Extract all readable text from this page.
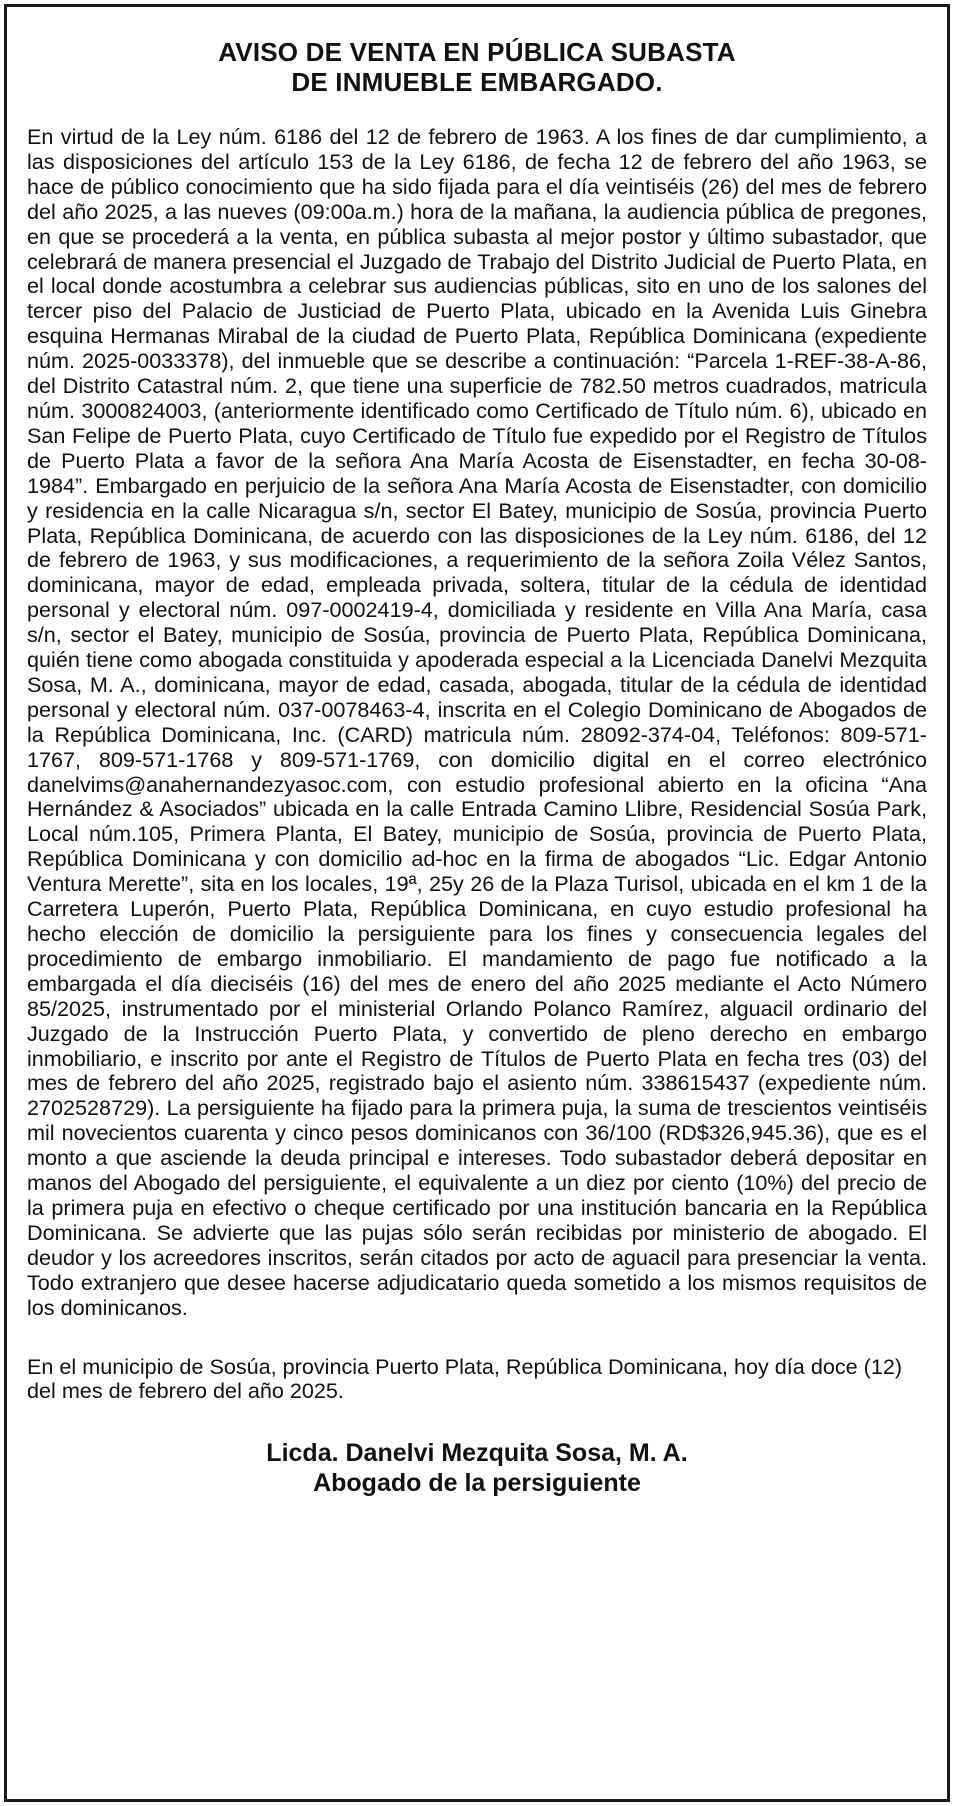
AVISO DE VENTA EN PÚBLICA SUBASTA
DE INMUEBLE EMBARGADO.

En virtud de la Ley núm. 6186 del 12 de febrero de 1963. A los fines de dar cumplimiento, a las disposiciones del artículo 153 de la Ley 6186, de fecha 12 de febrero del año 1963, se hace de público conocimiento que ha sido fijada para el día veintiséis (26) del mes de febrero del año 2025, a las nueves (09:00a.m.) hora de la mañana, la audiencia pública de pregones, en que se procederá a la venta, en pública subasta al mejor postor y último subastador, que celebrará de manera presencial el Juzgado de Trabajo del Distrito Judicial de Puerto Plata, en el local donde acostumbra a celebrar sus audiencias públicas, sito en uno de los salones del tercer piso del Palacio de Justiciad de Puerto Plata, ubicado en la Avenida Luis Ginebra esquina Hermanas Mirabal de la ciudad de Puerto Plata, República Dominicana (expediente núm. 2025-0033378), del inmueble que se describe a continuación: “Parcela 1-REF-38-A-86, del Distrito Catastral núm. 2, que tiene una superficie de 782.50 metros cuadrados, matricula núm. 3000824003, (anteriormente identificado como Certificado de Título núm. 6), ubicado en San Felipe de Puerto Plata, cuyo Certificado de Título fue expedido por el Registro de Títulos de Puerto Plata a favor de la señora Ana María Acosta de Eisenstadter, en fecha 30-08-1984”. Embargado en perjuicio de la señora Ana María Acosta de Eisenstadter, con domicilio y residencia en la calle Nicaragua s/n, sector El Batey, municipio de Sosúa, provincia Puerto Plata, República Dominicana, de acuerdo con las disposiciones de la Ley núm. 6186, del 12 de febrero de 1963, y sus modificaciones, a requerimiento de la señora Zoila Vélez Santos, dominicana, mayor de edad, empleada privada, soltera, titular de la cédula de identidad personal y electoral núm. 097-0002419-4, domiciliada y residente en Villa Ana María, casa s/n, sector el Batey, municipio de Sosúa, provincia de Puerto Plata, República Dominicana, quién tiene como abogada constituida y apoderada especial a la Licenciada Danelvi Mezquita Sosa, M. A., dominicana, mayor de edad, casada, abogada, titular de la cédula de identidad personal y electoral núm. 037-0078463-4, inscrita en el Colegio Dominicano de Abogados de la República Dominicana, Inc. (CARD) matricula núm. 28092-374-04, Teléfonos: 809-571-1767, 809-571-1768 y 809-571-1769, con domicilio digital en el correo electrónico danelvims@anahernandezyasoc.com, con estudio profesional abierto en la oficina “Ana Hernández & Asociados” ubicada en la calle Entrada Camino Llibre, Residencial Sosúa Park, Local núm.105, Primera Planta, El Batey, municipio de Sosúa, provincia de Puerto Plata, República Dominicana y con domicilio ad-hoc en la firma de abogados “Lic. Edgar Antonio Ventura Merette”, sita en los locales, 19ª, 25y 26 de la Plaza Turisol, ubicada en el km 1 de la Carretera Luperón, Puerto Plata, República Dominicana, en cuyo estudio profesional ha hecho elección de domicilio la persiguiente para los fines y consecuencia legales del procedimiento de embargo inmobiliario. El mandamiento de pago fue notificado a la embargada el día dieciséis (16) del mes de enero del año 2025 mediante el Acto Número 85/2025, instrumentado por el ministerial Orlando Polanco Ramírez, alguacil ordinario del Juzgado de la Instrucción Puerto Plata, y convertido de pleno derecho en embargo inmobiliario, e inscrito por ante el Registro de Títulos de Puerto Plata en fecha tres (03) del mes de febrero del año 2025, registrado bajo el asiento núm. 338615437 (expediente núm. 2702528729). La persiguiente ha fijado para la primera puja, la suma de trescientos veintiséis mil novecientos cuarenta y cinco pesos dominicanos con 36/100 (RD$326,945.36), que es el monto a que asciende la deuda principal e intereses. Todo subastador deberá depositar en manos del Abogado del persiguiente, el equivalente a un diez por ciento (10%) del precio de la primera puja en efectivo o cheque certificado por una institución bancaria en la República Dominicana. Se advierte que las pujas sólo serán recibidas por ministerio de abogado. El deudor y los acreedores inscritos, serán citados por acto de aguacil para presenciar la venta. Todo extranjero que desee hacerse adjudicatario queda sometido a los mismos requisitos de los dominicanos.

En el municipio de Sosúa, provincia Puerto Plata, República Dominicana, hoy día doce (12) del mes de febrero del año 2025.

Licda. Danelvi Mezquita Sosa, M. A.
Abogado de la persiguiente
